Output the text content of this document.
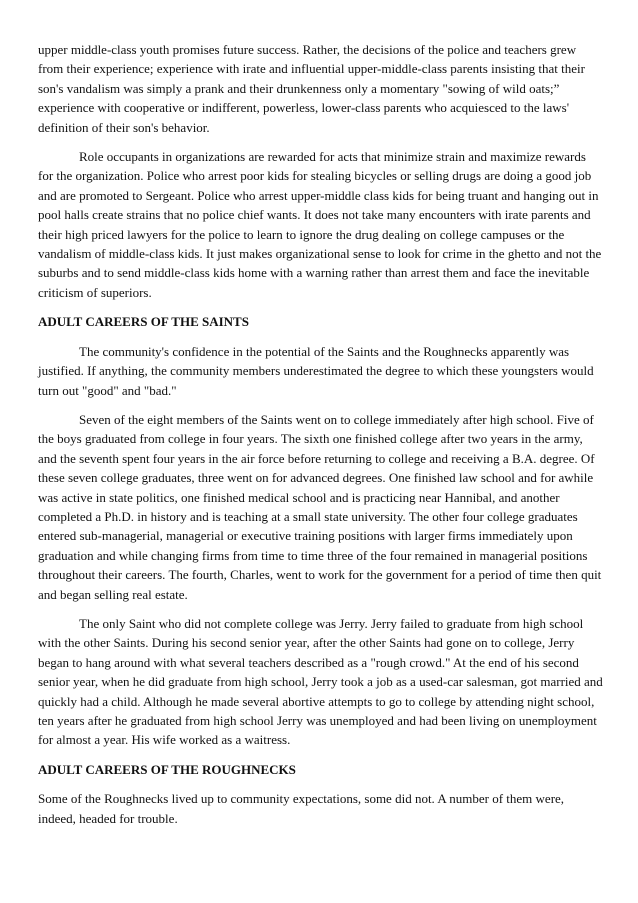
upper middle-class youth promises future success. Rather, the decisions of the police and teachers grew from their experience; experience with irate and influential upper-middle-class parents insisting that their son's vandalism was simply a prank and their drunkenness only a momentary "sowing of wild oats;” experience with cooperative or indifferent, powerless, lower-class parents who acquiesced to the laws' definition of their son's behavior.

Role occupants in organizations are rewarded for acts that minimize strain and maximize rewards for the organization. Police who arrest poor kids for stealing bicycles or selling drugs are doing a good job and are promoted to Sergeant. Police who arrest upper-middle class kids for being truant and hanging out in pool halls create strains that no police chief wants. It does not take many encounters with irate parents and their high priced lawyers for the police to learn to ignore the drug dealing on college campuses or the vandalism of middle-class kids. It just makes organizational sense to look for crime in the ghetto and not the suburbs and to send middle-class kids home with a warning rather than arrest them and face the inevitable criticism of superiors.

ADULT CAREERS OF THE SAINTS

The community's confidence in the potential of the Saints and the Roughnecks apparently was justified. If anything, the community members underestimated the degree to which these youngsters would turn out "good" and "bad."

Seven of the eight members of the Saints went on to college immediately after high school. Five of the boys graduated from college in four years. The sixth one finished college after two years in the army, and the seventh spent four years in the air force before returning to college and receiving a B.A. degree. Of these seven college graduates, three went on for advanced degrees. One finished law school and for awhile was active in state politics, one finished medical school and is practicing near Hannibal, and another completed a Ph.D. in history and is teaching at a small state university. The other four college graduates entered sub-managerial, managerial or executive training positions with larger firms immediately upon graduation and while changing firms from time to time three of the four remained in managerial positions throughout their careers. The fourth, Charles, went to work for the government for a period of time then quit and began selling real estate.

The only Saint who did not complete college was Jerry. Jerry failed to graduate from high school with the other Saints. During his second senior year, after the other Saints had gone on to college, Jerry began to hang around with what several teachers described as a "rough crowd." At the end of his second senior year, when he did graduate from high school, Jerry took a job as a used-car salesman, got married and quickly had a child. Although he made several abortive attempts to go to college by attending night school, ten years after he graduated from high school Jerry was unemployed and had been living on unemployment for almost a year. His wife worked as a waitress.

ADULT CAREERS OF THE ROUGHNECKS

Some of the Roughnecks lived up to community expectations, some did not. A number of them were, indeed, headed for trouble.
